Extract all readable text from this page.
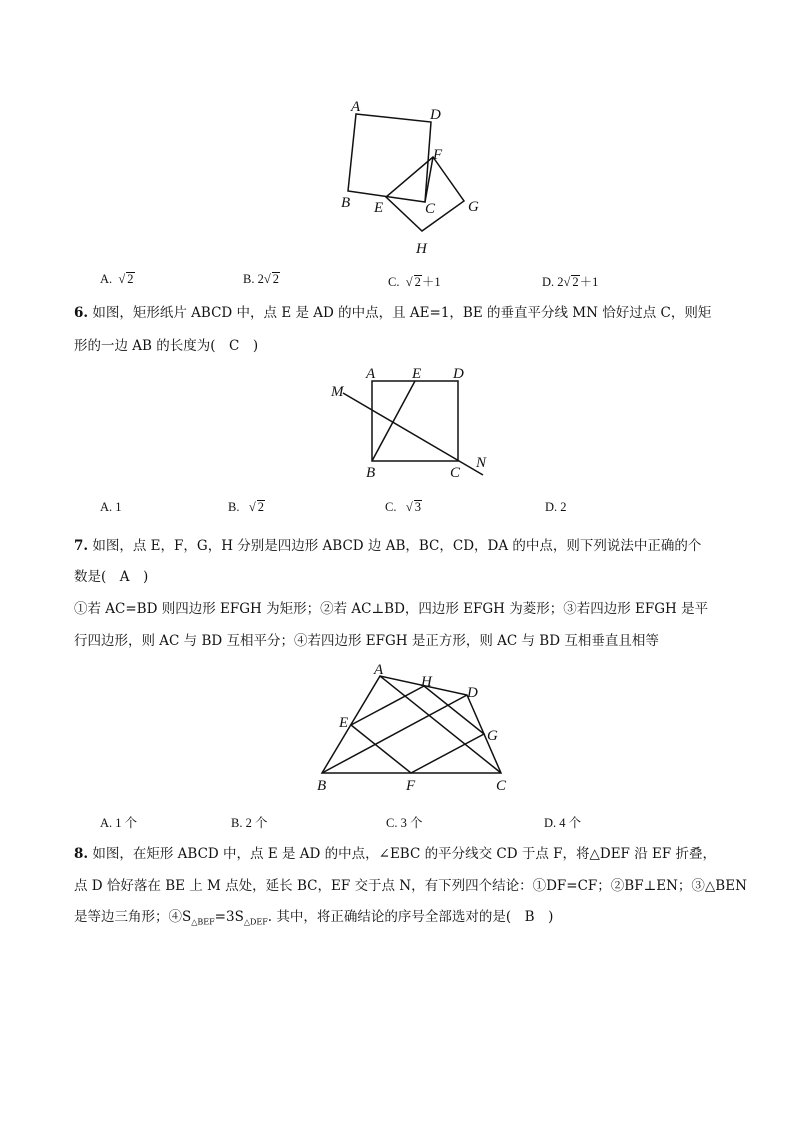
A	D
B E	C
F
G
H
A. √ 2	B. 2√ 2	C. √ 2＋1	D. 2√ 2＋1
6. 如图，矩形纸片 ABCD 中，点 E 是 AD 的中点，且 AE=1，BE 的垂直平分线 MN 恰好过点 C，则矩
形的一边 AB 的长度为(　C　)
A E D
M
B	C
N
A. 1	B. √ 2	C. √ 3	D. 2
7. 如图，点 E，F，G，H 分别是四边形 ABCD 边 AB，BC，CD，DA 的中点，则下列说法中正确的个
数是(　A　)
①若 AC=BD 则四边形 EFGH 为矩形；②若 AC⊥BD，四边形 EFGH 为菱形；③若四边形 EFGH 是平
行四边形，则 AC 与 BD 互相平分；④若四边形 EFGH 是正方形，则 AC 与 BD 互相垂直且相等
A
H
D
E
G
B	F	C
A. 1 个	B. 2 个	C. 3 个	D. 4 个
8. 如图，在矩形 ABCD 中，点 E 是 AD 的中点，∠EBC 的平分线交 CD 于点 F，将△DEF 沿 EF 折叠，
点 D 恰好落在 BE 上 M 点处，延长 BC，EF 交于点 N，有下列四个结论：①DF=CF；②BF⊥EN；③△BEN
是等边三角形；$④S_{\triangle BEF}=3S_{\triangle DEF}$. 其中，将正确结论的序号全部选对的是(　B　)
